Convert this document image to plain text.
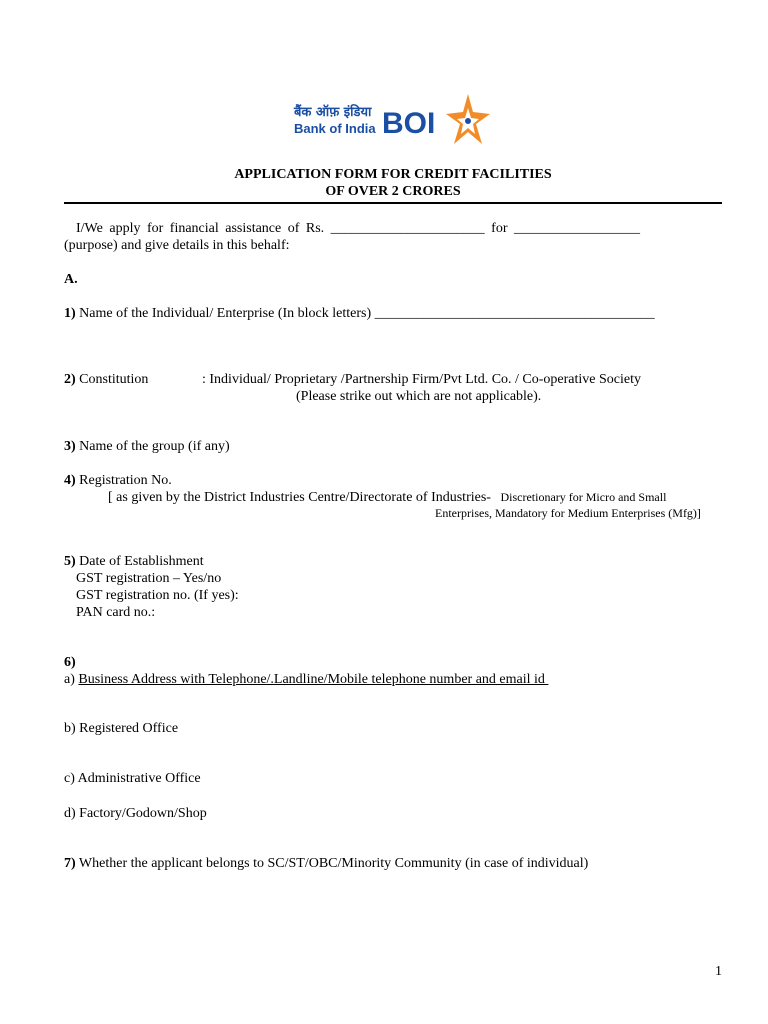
बैंक ऑफ़ इंडिया
Bank of India BOI
APPLICATION FORM FOR CREDIT FACILITIES
OF OVER 2 CRORES
I/We apply for financial assistance of Rs. ______________________ for __________________
(purpose) and give details in this behalf:
A.
1) Name of the Individual/ Enterprise (In block letters) ________________________________________
2) Constitution	: Individual/ Proprietary /Partnership Firm/Pvt Ltd. Co. / Co-operative Society
(Please strike out which are not applicable).
3) Name of the group (if any)
4) Registration No.
[ as given by the District Industries Centre/Directorate of Industries- Discretionary for Micro and Small
Enterprises, Mandatory for Medium Enterprises (Mfg)]
5) Date of Establishment
GST registration – Yes/no
GST registration no. (If yes):
PAN card no.:
6)
a) Business Address with Telephone/.Landline/Mobile telephone number and email id
b) Registered Office
c) Administrative Office
d) Factory/Godown/Shop
7) Whether the applicant belongs to SC/ST/OBC/Minority Community (in case of individual)
1
